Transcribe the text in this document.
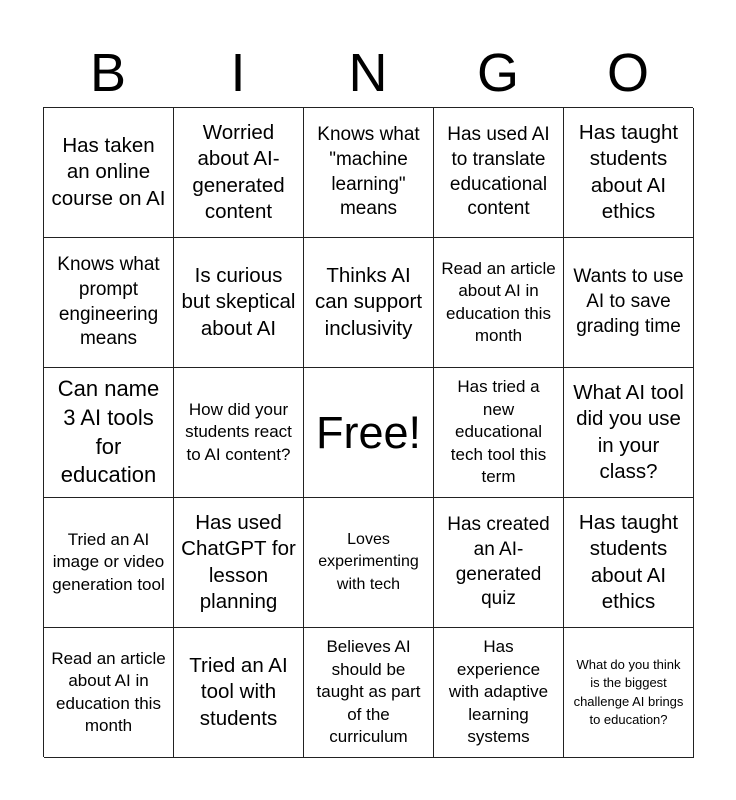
B	I	N	G	O
Has taken an online course on AI
Worried about AI-generated content
Knows what "machine learning" means
Has used AI to translate educational content
Has taught students about AI ethics
Knows what prompt engineering means
Is curious but skeptical about AI
Thinks AI can support inclusivity
Read an article about AI in education this month
Wants to use AI to save grading time
Can name 3 AI tools for education
How did your students react to AI content? Free!
Has tried a new educational tech tool this term
What AI tool did you use in your class?
Tried an AI image or video generation tool
Has used ChatGPT for lesson planning
Loves experimenting with tech
Has created an AI-generated quiz
Has taught students about AI ethics
Read an article about AI in education this month
Tried an AI tool with students
Believes AI should be taught as part of the curriculum
Has experience with adaptive learning systems
What do you think is the biggest challenge AI brings to education?
